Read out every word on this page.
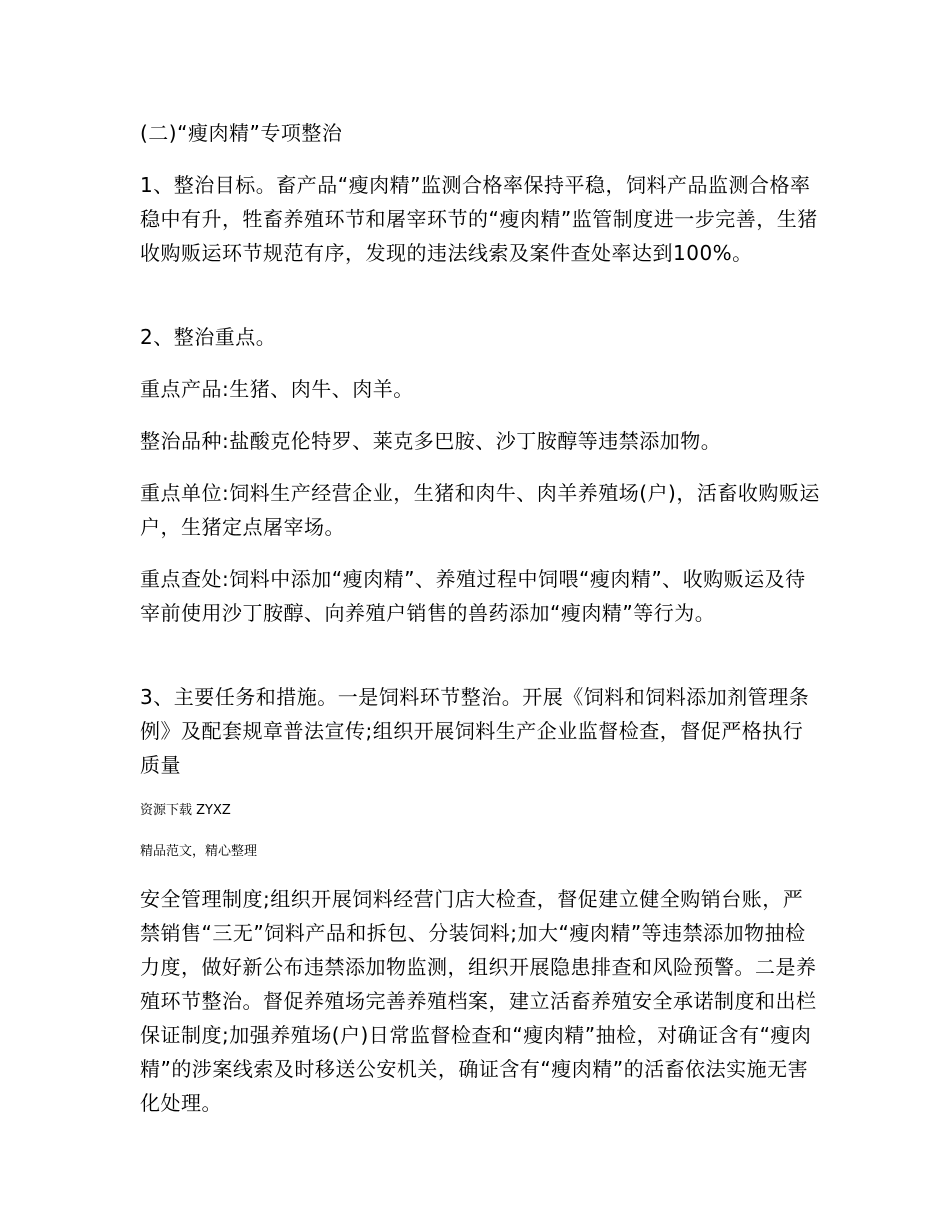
(二)“瘦肉精”专项整治

1、整治目标。畜产品“瘦肉精”监测合格率保持平稳，饲料产品监测合格率稳中有升，牲畜养殖环节和屠宰环节的“瘦肉精”监管制度进一步完善，生猪收购贩运环节规范有序，发现的违法线索及案件查处率达到100%。

2、整治重点。

重点产品:生猪、肉牛、肉羊。

整治品种:盐酸克伦特罗、莱克多巴胺、沙丁胺醇等违禁添加物。

重点单位:饲料生产经营企业，生猪和肉牛、肉羊养殖场(户)，活畜收购贩运户，生猪定点屠宰场。

重点查处:饲料中添加“瘦肉精”、养殖过程中饲喂“瘦肉精”、收购贩运及待宰前使用沙丁胺醇、向养殖户销售的兽药添加“瘦肉精”等行为。

3、主要任务和措施。一是饲料环节整治。开展《饲料和饲料添加剂管理条例》及配套规章普法宣传;组织开展饲料生产企业监督检查，督促严格执行质量

资源下载 ZYXZ

精品范文，精心整理

安全管理制度;组织开展饲料经营门店大检查，督促建立健全购销台账，严禁销售“三无”饲料产品和拆包、分装饲料;加大“瘦肉精”等违禁添加物抽检力度，做好新公布违禁添加物监测，组织开展隐患排查和风险预警。二是养殖环节整治。督促养殖场完善养殖档案，建立活畜养殖安全承诺制度和出栏保证制度;加强养殖场(户)日常监督检查和“瘦肉精”抽检，对确证含有“瘦肉精”的涉案线索及时移送公安机关，确证含有“瘦肉精”的活畜依法实施无害化处理。
